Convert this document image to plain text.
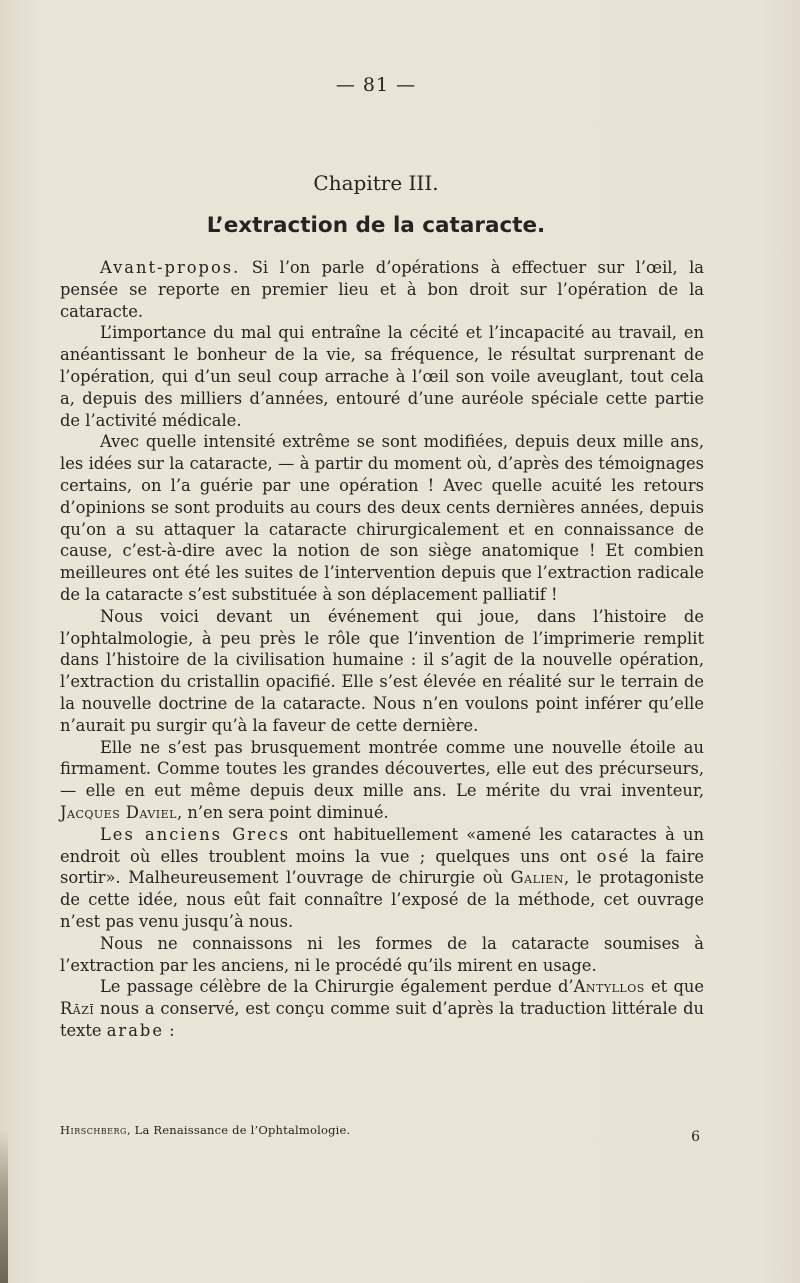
— 81 —
Chapitre III.
L’extraction de la cataracte.

Avant-propos. Si l’on parle d’opérations à effectuer sur l’œil, la pensée se reporte en premier lieu et à bon droit sur l’opération de la cataracte.

L’importance du mal qui entraîne la cécité et l’incapacité au travail, en anéantissant le bonheur de la vie, sa fréquence, le résultat surprenant de l’opération, qui d’un seul coup arrache à l’œil son voile aveuglant, tout cela a, depuis des milliers d’années, entouré d’une auréole spéciale cette partie de l’activité médicale.

Avec quelle intensité extrême se sont modifiées, depuis deux mille ans, les idées sur la cataracte, — à partir du moment où, d’après des témoignages certains, on l’a guérie par une opération ! Avec quelle acuité les retours d’opinions se sont produits au cours des deux cents dernières années, depuis qu’on a su attaquer la cataracte chirurgicalement et en connaissance de cause, c’est-à-dire avec la notion de son siège anatomique ! Et combien meilleures ont été les suites de l’intervention depuis que l’extraction radicale de la cataracte s’est substituée à son déplacement palliatif !

Nous voici devant un événement qui joue, dans l’histoire de l’ophtalmologie, à peu près le rôle que l’invention de l’imprimerie remplit dans l’histoire de la civilisation humaine : il s’agit de la nouvelle opération, l’extraction du cristallin opacifié. Elle s’est élevée en réalité sur le terrain de la nouvelle doctrine de la cataracte. Nous n’en voulons point inférer qu’elle n’aurait pu surgir qu’à la faveur de cette dernière.

Elle ne s’est pas brusquement montrée comme une nouvelle étoile au firmament. Comme toutes les grandes découvertes, elle eut des précurseurs, — elle en eut même depuis deux mille ans. Le mérite du vrai inventeur, Jacques Daviel, n’en sera point diminué.

Les anciens Grecs ont habituellement «amené les cataractes à un endroit où elles troublent moins la vue ; quelques uns ont osé la faire sortir». Malheureusement l’ouvrage de chirurgie où Galien, le protagoniste de cette idée, nous eût fait connaître l’exposé de la méthode, cet ouvrage n’est pas venu jusqu’à nous.

Nous ne connaissons ni les formes de la cataracte soumises à l’extraction par les anciens, ni le procédé qu’ils mirent en usage.

Le passage célèbre de la Chirurgie également perdue d’Antyllos et que Rāzī nous a conservé, est conçu comme suit d’après la traduction littérale du texte arabe :

Hirschberg, La Renaissance de l’Ophtalmologie.	6
